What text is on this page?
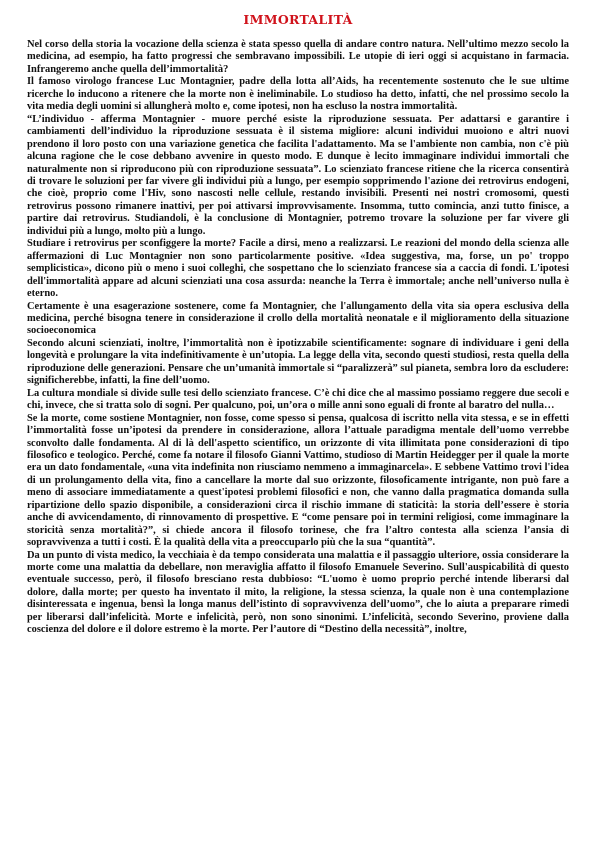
IMMORTALITÀ

Nel corso della storia la vocazione della scienza è stata spesso quella di andare contro natura. Nell’ultimo mezzo secolo la medicina, ad esempio, ha fatto progressi che sembravano impossibili. Le utopie di ieri oggi si acquistano in farmacia. Infrangeremo anche quella dell’immortalità?

Il famoso virologo francese Luc Montagnier, padre della lotta all’Aids, ha recentemente sostenuto che le sue ultime ricerche lo inducono a ritenere che la morte non è ineliminabile. Lo studioso ha detto, infatti, che nel prossimo secolo la vita media degli uomini si allungherà molto e, come ipotesi, non ha escluso la nostra immortalità.

“L’individuo - afferma Montagnier - muore perché esiste la riproduzione sessuata. Per adattarsi e garantire i cambiamenti dell’individuo la riproduzione sessuata è il sistema migliore: alcuni individui muoiono e altri nuovi prendono il loro posto con una variazione genetica che facilita l'adattamento. Ma se l'ambiente non cambia, non c'è più alcuna ragione che le cose debbano avvenire in questo modo. E dunque è lecito immaginare individui immortali che naturalmente non si riproducono più con riproduzione sessuata”. Lo scienziato francese ritiene che la ricerca consentirà di trovare le soluzioni per far vivere gli individui più a lungo, per esempio sopprimendo l'azione dei retrovirus endogeni, che cioè, proprio come l'Hiv, sono nascosti nelle cellule, restando invisibili. Presenti nei nostri cromosomi, questi retrovirus possono rimanere inattivi, per poi attivarsi improvvisamente. Insomma, tutto comincia, anzi tutto finisce, a partire dai retrovirus. Studiandoli, è la conclusione di Montagnier, potremo trovare la soluzione per far vivere gli individui più a lungo, molto più a lungo.

Studiare i retrovirus per sconfiggere la morte? Facile a dirsi, meno a realizzarsi. Le reazioni del mondo della scienza alle affermazioni di Luc Montagnier non sono particolarmente positive. «Idea suggestiva, ma, forse, un po' troppo semplicistica», dicono più o meno i suoi colleghi, che sospettano che lo scienziato francese sia a caccia di fondi. L'ipotesi dell'immortalità appare ad alcuni scienziati una cosa assurda: neanche la Terra è immortale; anche nell’universo nulla è eterno.

Certamente è una esagerazione sostenere, come fa Montagnier, che l'allungamento della vita sia opera esclusiva della medicina, perché bisogna tenere in considerazione il crollo della mortalità neonatale e il miglioramento della situazione socioeconomica

Secondo alcuni scienziati, inoltre, l’immortalità non è ipotizzabile scientificamente: sognare di individuare i geni della longevità e prolungare la vita indefinitivamente è un’utopia. La legge della vita, secondo questi studiosi, resta quella della riproduzione delle generazioni. Pensare che un’umanità immortale si “paralizzerà” sul pianeta, sembra loro da escludere: significherebbe, infatti, la fine dell’uomo.

La cultura mondiale si divide sulle tesi dello scienziato francese. C’è chi dice che al massimo possiamo reggere due secoli e chi, invece, che si tratta solo di sogni. Per qualcuno, poi, un’ora o mille anni sono eguali di fronte al baratro del nulla…

Se la morte, come sostiene Montagnier, non fosse, come spesso si pensa, qualcosa di iscritto nella vita stessa, e se in effetti l’immortalità fosse un’ipotesi da prendere in considerazione, allora l’attuale paradigma mentale dell’uomo verrebbe sconvolto dalle fondamenta. Al di là dell'aspetto scientifico, un orizzonte di vita illimitata pone considerazioni di tipo filosofico e teologico. Perché, come fa notare il filosofo Gianni Vattimo, studioso di Martin Heidegger per il quale la morte era un dato fondamentale, «una vita indefinita non riusciamo nemmeno a immaginarcela». E sebbene Vattimo trovi l'idea di un prolungamento della vita, fino a cancellare la morte dal suo orizzonte, filosoficamente intrigante, non può fare a meno di associare immediatamente a quest'ipotesi problemi filosofici e non, che vanno dalla pragmatica domanda sulla ripartizione dello spazio disponibile, a considerazioni circa il rischio immane di staticità: la storia dell’essere è storia anche di avvicendamento, di rinnovamento di prospettive. E “come pensare poi in termini religiosi, come immaginare la storicità senza mortalità?”, si chiede ancora il filosofo torinese, che fra l’altro contesta alla scienza l’ansia di sopravvivenza a tutti i costi. È la qualità della vita a preoccuparlo più che la sua “quantità”.

Da un punto di vista medico, la vecchiaia è da tempo considerata una malattia e il passaggio ulteriore, ossia considerare la morte come una malattia da debellare, non meraviglia affatto il filosofo Emanuele Severino. Sull'auspicabilità di questo eventuale successo, però, il filosofo bresciano resta dubbioso: “L'uomo è uomo proprio perché intende liberarsi dal dolore, dalla morte; per questo ha inventato il mito, la religione, la stessa scienza, la quale non è una contemplazione disinteressata e ingenua, bensì la longa manus dell’istinto di sopravvivenza dell’uomo”, che lo aiuta a preparare rimedi per liberarsi dall’infelicità. Morte e infelicità, però, non sono sinonimi. L’infelicità, secondo Severino, proviene dalla coscienza del dolore e il dolore estremo è la morte. Per l’autore di “Destino della necessità”, inoltre,
